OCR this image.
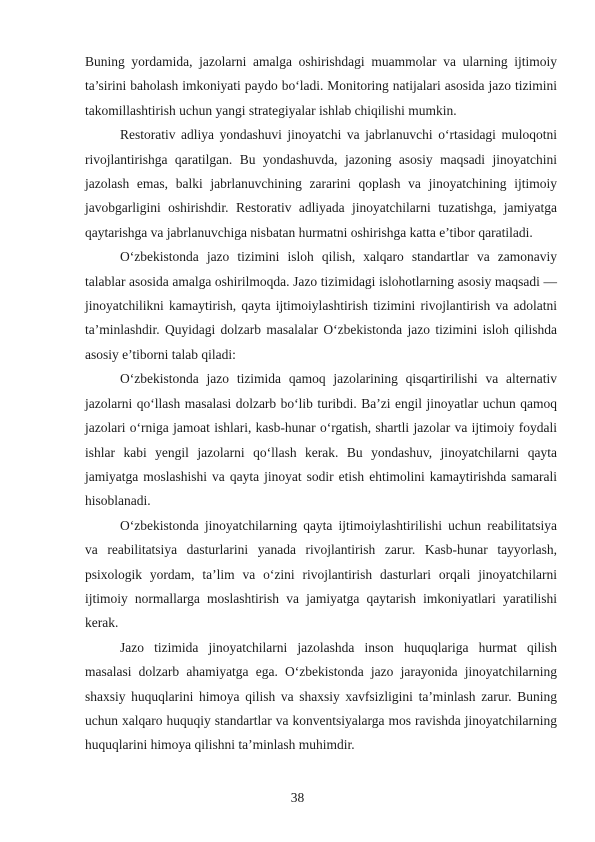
Buning yordamida, jazolarni amalga oshirishdagi muammolar va ularning ijtimoiy ta’sirini baholash imkoniyati paydo bo‘ladi. Monitoring natijalari asosida jazo tizimini takomillashtirish uchun yangi strategiyalar ishlab chiqilishi mumkin.

Restorativ adliya yondashuvi jinoyatchi va jabrlanuvchi o‘rtasidagi muloqotni rivojlantirishga qaratilgan. Bu yondashuvda, jazoning asosiy maqsadi jinoyatchini jazolash emas, balki jabrlanuvchining zararini qoplash va jinoyatchining ijtimoiy javobgarligini oshirishdir. Restorativ adliyada jinoyatchilarni tuzatishga, jamiyatga qaytarishga va jabrlanuvchiga nisbatan hurmatni oshirishga katta e’tibor qaratiladi.

O‘zbekistonda jazo tizimini isloh qilish, xalqaro standartlar va zamonaviy talablar asosida amalga oshirilmoqda. Jazo tizimidagi islohotlarning asosiy maqsadi — jinoyatchilikni kamaytirish, qayta ijtimoiylashtirish tizimini rivojlantirish va adolatni ta’minlashdir. Quyidagi dolzarb masalalar O‘zbekistonda jazo tizimini isloh qilishda asosiy e’tiborni talab qiladi:

O‘zbekistonda jazo tizimida qamoq jazolarining qisqartirilishi va alternativ jazolarni qo‘llash masalasi dolzarb bo‘lib turibdi. Ba’zi engil jinoyatlar uchun qamoq jazolari o‘rniga jamoat ishlari, kasb-hunar o‘rgatish, shartli jazolar va ijtimoiy foydali ishlar kabi yengil jazolarni qo‘llash kerak. Bu yondashuv, jinoyatchilarni qayta jamiyatga moslashishi va qayta jinoyat sodir etish ehtimolini kamaytirishda samarali hisoblanadi.

O‘zbekistonda jinoyatchilarning qayta ijtimoiylashtirilishi uchun reabilitatsiya va reabilitatsiya dasturlarini yanada rivojlantirish zarur. Kasb-hunar tayyorlash, psixologik yordam, ta’lim va o‘zini rivojlantirish dasturlari orqali jinoyatchilarni ijtimoiy normallarga moslashtirish va jamiyatga qaytarish imkoniyatlari yaratilishi kerak.

Jazo tizimida jinoyatchilarni jazolashda inson huquqlariga hurmat qilish masalasi dolzarb ahamiyatga ega. O‘zbekistonda jazo jarayonida jinoyatchilarning shaxsiy huquqlarini himoya qilish va shaxsiy xavfsizligini ta’minlash zarur. Buning uchun xalqaro huquqiy standartlar va konventsiyalarga mos ravishda jinoyatchilarning huquqlarini himoya qilishni ta’minlash muhimdir.

38
